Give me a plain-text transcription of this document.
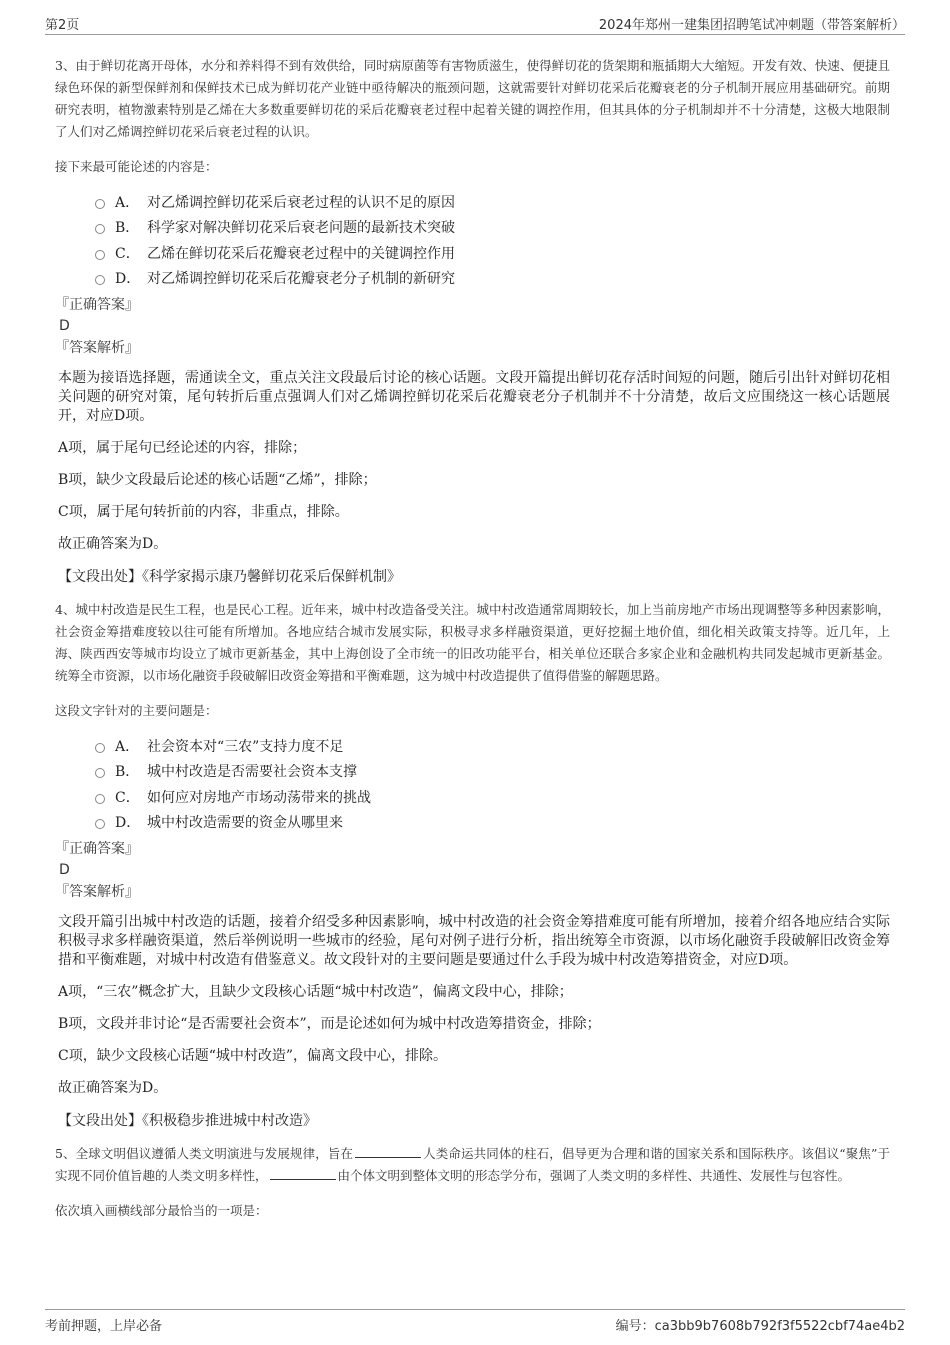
第2页	2024年郑州一建集团招聘笔试冲刺题（带答案解析）

3、由于鲜切花离开母体，水分和养料得不到有效供给，同时病原菌等有害物质滋生，使得鲜切花的货架期和瓶插期大大缩短。开发有效、快速、便捷且绿色环保的新型保鲜剂和保鲜技术已成为鲜切花产业链中亟待解决的瓶颈问题，这就需要针对鲜切花采后花瓣衰老的分子机制开展应用基础研究。前期研究表明，植物激素特别是乙烯在大多数重要鲜切花的采后花瓣衰老过程中起着关键的调控作用，但其具体的分子机制却并不十分清楚，这极大地限制了人们对乙烯调控鲜切花采后衰老过程的认识。

接下来最可能论述的内容是：

A． 对乙烯调控鲜切花采后衰老过程的认识不足的原因
B． 科学家对解决鲜切花采后衰老问题的最新技术突破
C． 乙烯在鲜切花采后花瓣衰老过程中的关键调控作用
D． 对乙烯调控鲜切花采后花瓣衰老分子机制的新研究

『正确答案』

D

『答案解析』

本题为接语选择题，需通读全文，重点关注文段最后讨论的核心话题。文段开篇提出鲜切花存活时间短的问题，随后引出针对鲜切花相关问题的研究对策，尾句转折后重点强调人们对乙烯调控鲜切花采后花瓣衰老分子机制并不十分清楚，故后文应围绕这一核心话题展开，对应D项。

A项，属于尾句已经论述的内容，排除；

B项，缺少文段最后论述的核心话题“乙烯”，排除；

C项，属于尾句转折前的内容，非重点，排除。

故正确答案为D。

【文段出处】《科学家揭示康乃馨鲜切花采后保鲜机制》

4、城中村改造是民生工程，也是民心工程。近年来，城中村改造备受关注。城中村改造通常周期较长，加上当前房地产市场出现调整等多种因素影响，社会资金筹措难度较以往可能有所增加。各地应结合城市发展实际，积极寻求多样融资渠道，更好挖掘土地价值，细化相关政策支持等。近几年，上海、陕西西安等城市均设立了城市更新基金，其中上海创设了全市统一的旧改功能平台，相关单位还联合多家企业和金融机构共同发起城市更新基金。统筹全市资源，以市场化融资手段破解旧改资金筹措和平衡难题，这为城中村改造提供了值得借鉴的解题思路。

这段文字针对的主要问题是：

A． 社会资本对“三农”支持力度不足
B． 城中村改造是否需要社会资本支撑
C． 如何应对房地产市场动荡带来的挑战
D． 城中村改造需要的资金从哪里来

『正确答案』

D

『答案解析』

文段开篇引出城中村改造的话题，接着介绍受多种因素影响，城中村改造的社会资金筹措难度可能有所增加，接着介绍各地应结合实际积极寻求多样融资渠道，然后举例说明一些城市的经验，尾句对例子进行分析，指出统筹全市资源，以市场化融资手段破解旧改资金筹措和平衡难题，对城中村改造有借鉴意义。故文段针对的主要问题是要通过什么手段为城中村改造筹措资金，对应D项。

A项，“三农”概念扩大，且缺少文段核心话题“城中村改造”，偏离文段中心，排除；

B项，文段并非讨论“是否需要社会资本”，而是论述如何为城中村改造筹措资金，排除；

C项，缺少文段核心话题“城中村改造”，偏离文段中心，排除。

故正确答案为D。

【文段出处】《积极稳步推进城中村改造》

5、全球文明倡议遵循人类文明演进与发展规律，旨在	人类命运共同体的柱石，倡导更为合理和谐的国家关系和国际秩序。该倡议“聚焦”于实现不同价值旨趣的人类文明多样性，	由个体文明到整体文明的形态学分布，强调了人类文明的多样性、共通性、发展性与包容性。

依次填入画横线部分最恰当的一项是：

考前押题，上岸必备	编号：ca3bb9b7608b792f3f5522cbf74ae4b2
